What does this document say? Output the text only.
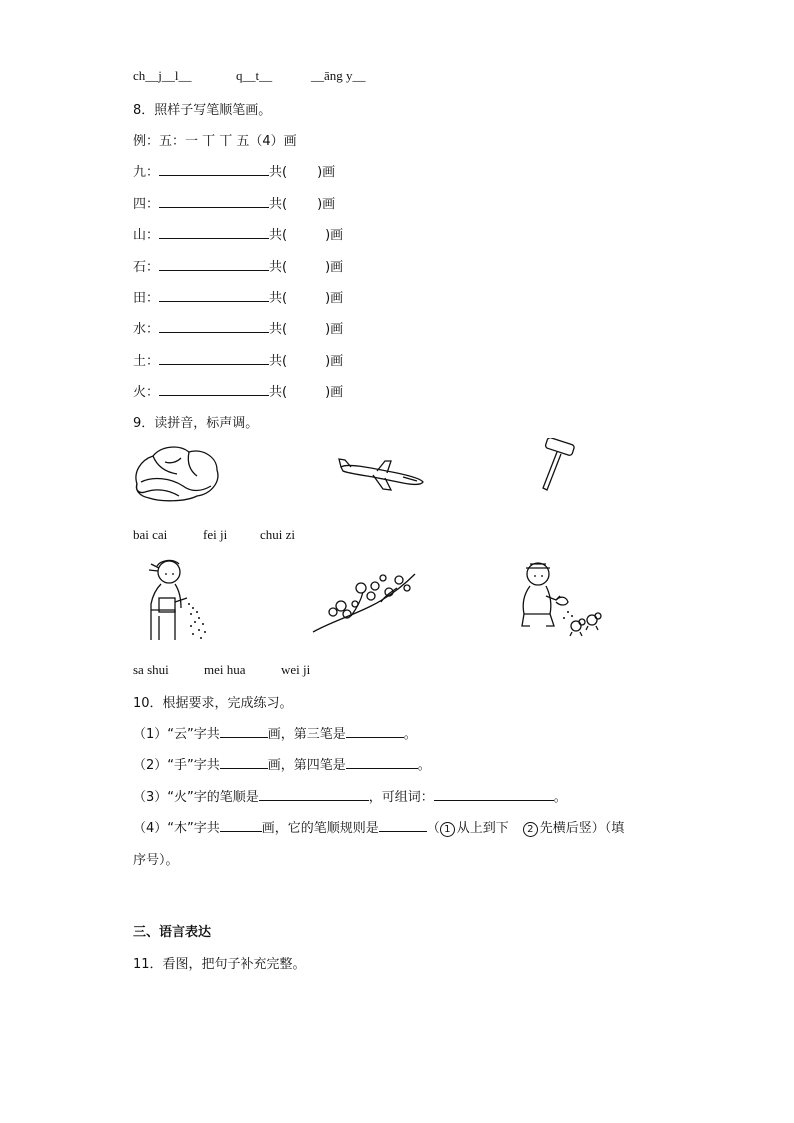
ch__j__l__	q__t__	__āng y__
8．照样子写笔顺笔画。
例：五：一 丅 丅 五（4）画
九：	共( )画
四：	共( )画
山：	共(	)画
石：	共(	)画
田：	共(	)画
水：	共(	)画
土：	共(	)画
火：	共(	)画
9．读拼音，标声调。
bai cai	fei ji	chui zi
sa shui	mei hua	wei ji
10．根据要求，完成练习。
（1）“云”字共	画，第三笔是	。
（2）“手”字共	画，第四笔是	。
（3）“火”字的笔顺是	，可组词：	。
（4）“木”字共	画，它的笔顺规则是	（ 1 从上到下 2 先横后竖）（填
序号）。
三、语言表达
11．看图，把句子补充完整。
